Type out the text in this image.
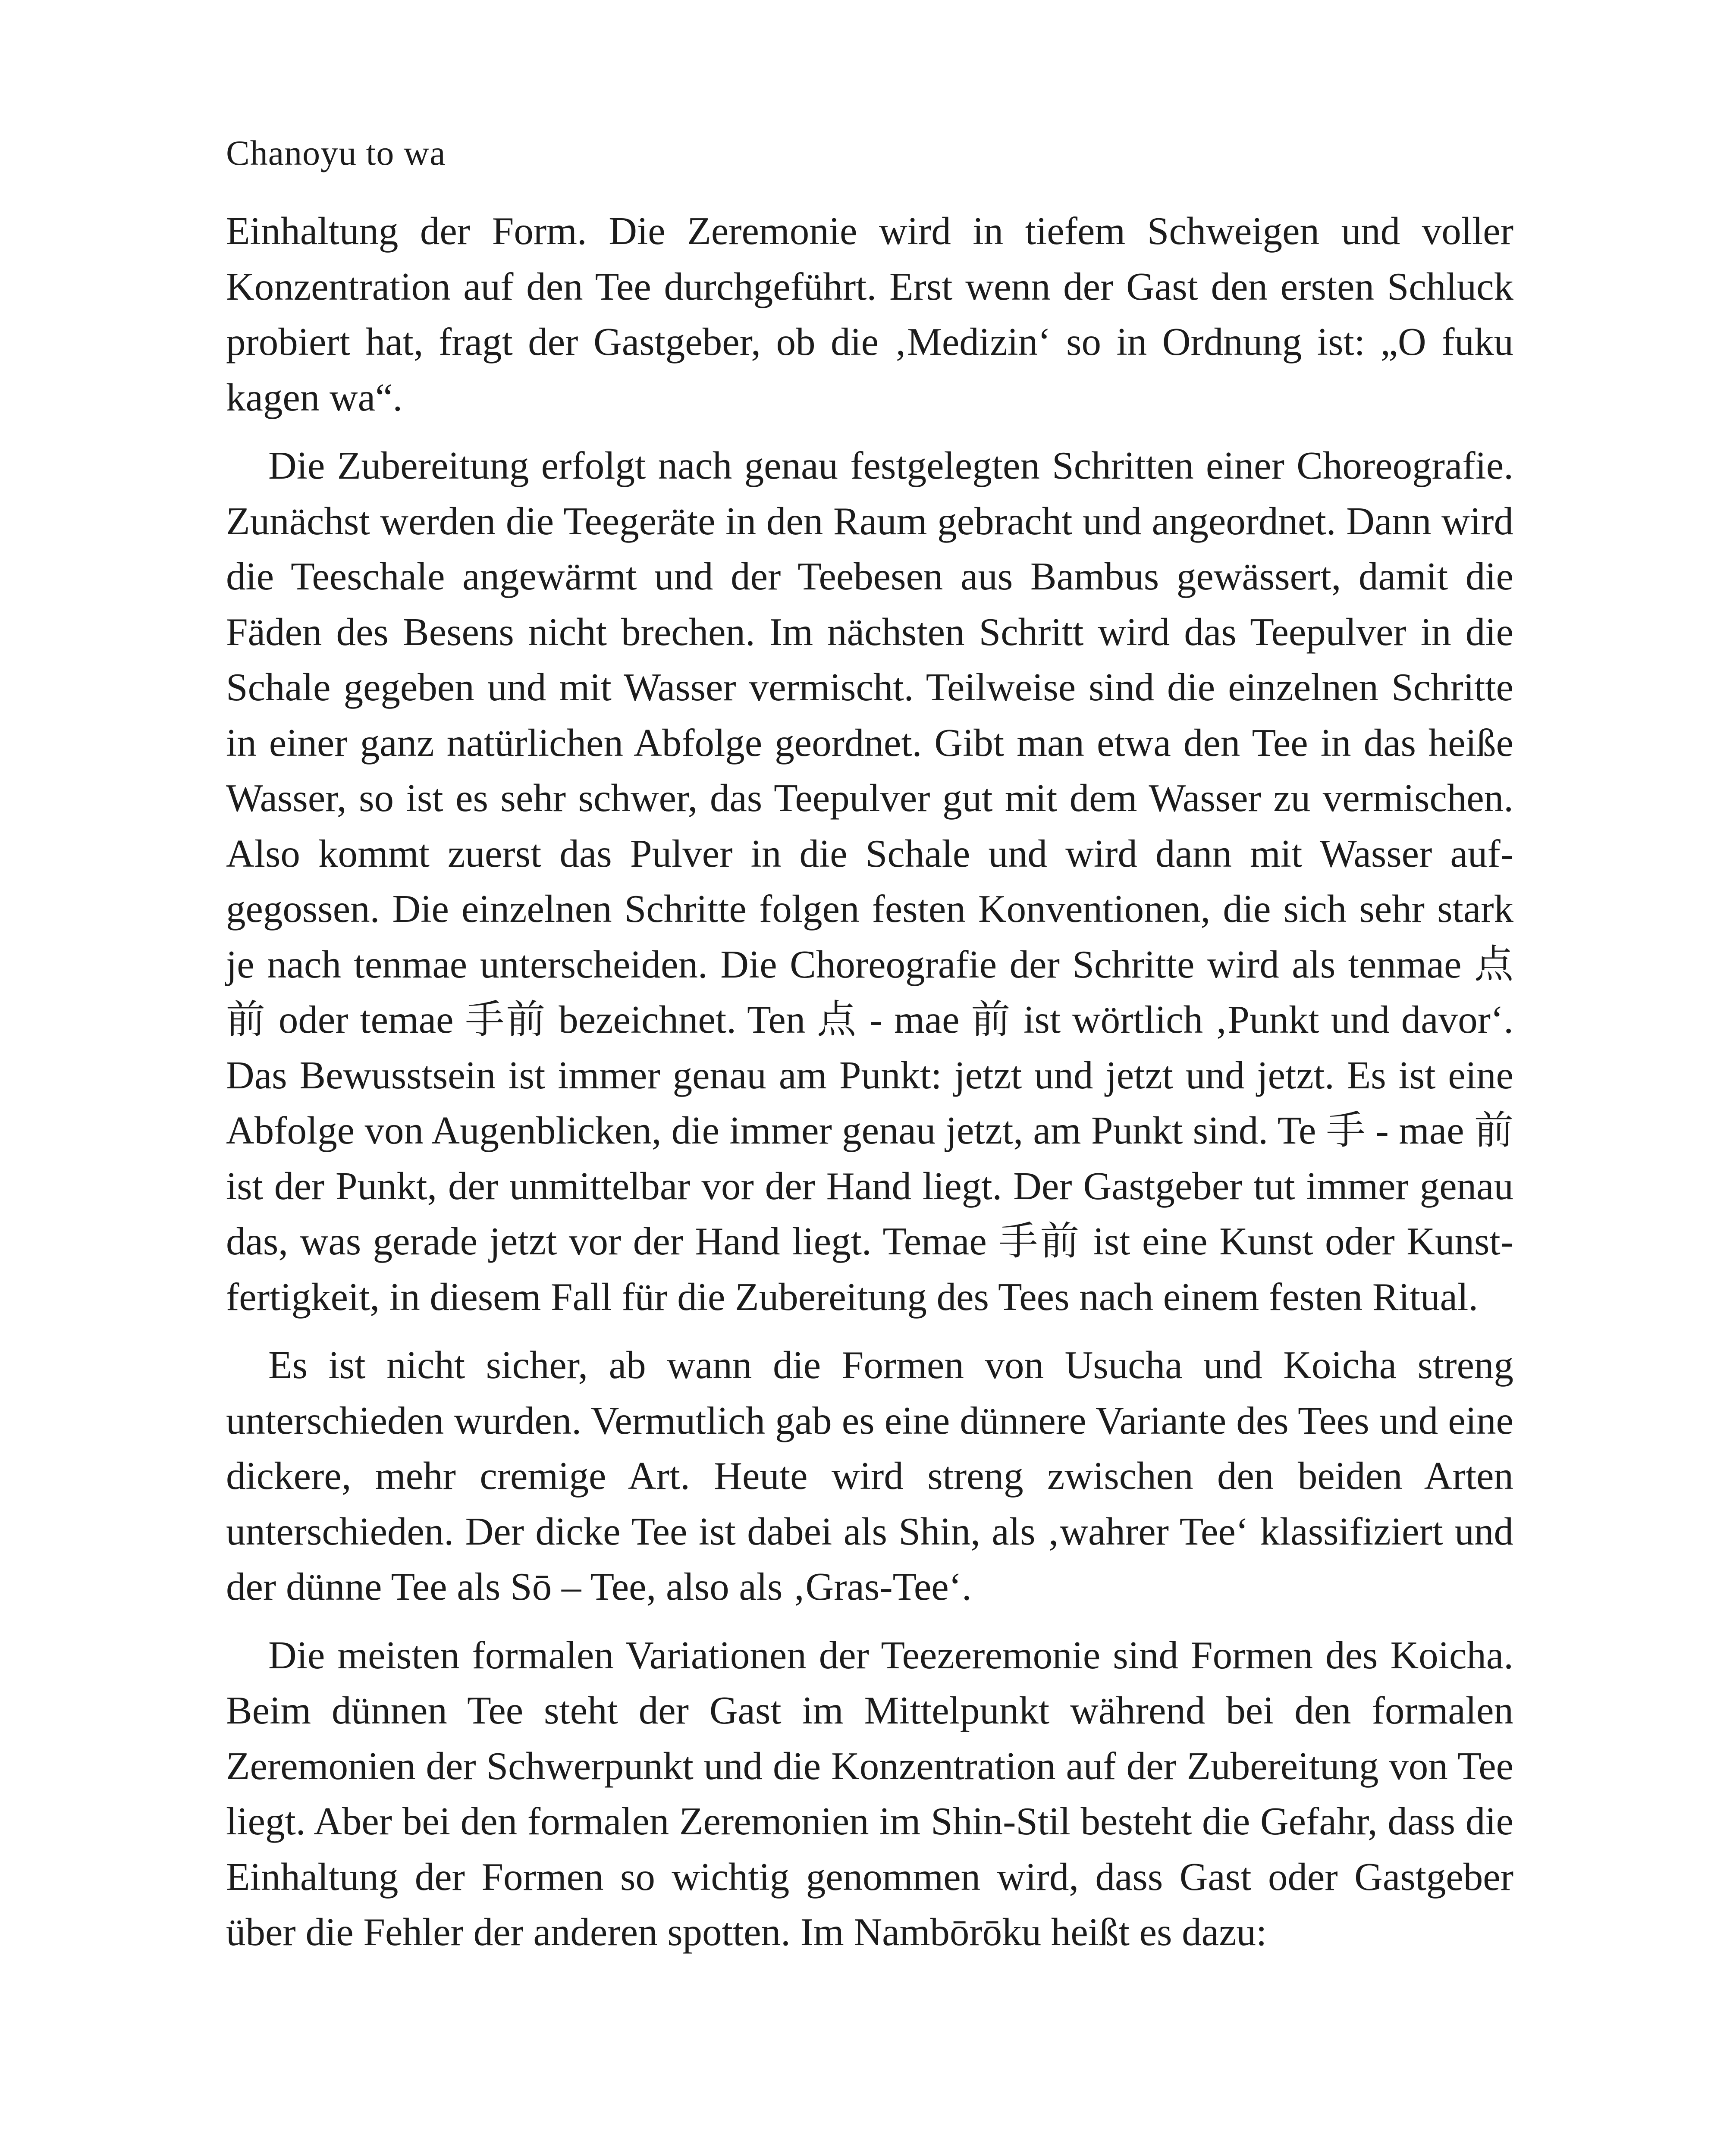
Chanoyu to wa

Einhaltung der Form. Die Zeremonie wird in tiefem Schweigen und voller Konzentration auf den Tee durchgeführt. Erst wenn der Gast den ersten Schluck probiert hat, fragt der Gastgeber, ob die ‚Medizin‘ so in Ordnung ist: „O fuku kagen wa“.

Die Zubereitung erfolgt nach genau festgelegten Schritten einer Choreografie. Zunächst werden die Teegeräte in den Raum gebracht und angeordnet. Dann wird die Teeschale angewärmt und der Teebesen aus Bambus gewässert, damit die Fäden des Besens nicht brechen. Im nächsten Schritt wird das Teepulver in die Schale gegeben und mit Wasser vermischt. Teilweise sind die einzelnen Schritte in einer ganz natürlichen Abfolge geordnet. Gibt man etwa den Tee in das heiße Wasser, so ist es sehr schwer, das Teepulver gut mit dem Wasser zu vermischen. Also kommt zuerst das Pulver in die Schale und wird dann mit Wasser aufgegossen. Die einzelnen Schritte folgen festen Konventionen, die sich sehr stark je nach tenmae unterscheiden. Die Choreografie der Schritte wird als tenmae 点前 oder temae 手前 bezeichnet. Ten 点 - mae 前 ist wörtlich ‚Punkt und davor‘. Das Bewusstsein ist immer genau am Punkt: jetzt und jetzt und jetzt. Es ist eine Abfolge von Augenblicken, die immer genau jetzt, am Punkt sind. Te 手 - mae 前 ist der Punkt, der unmittelbar vor der Hand liegt. Der Gastgeber tut immer genau das, was gerade jetzt vor der Hand liegt. Temae 手前 ist eine Kunst oder Kunstfertigkeit, in diesem Fall für die Zubereitung des Tees nach einem festen Ritual.

Es ist nicht sicher, ab wann die Formen von Usucha und Koicha streng unterschieden wurden. Vermutlich gab es eine dünnere Variante des Tees und eine dickere, mehr cremige Art. Heute wird streng zwischen den beiden Arten unterschieden. Der dicke Tee ist dabei als Shin, als ‚wahrer Tee‘ klassifiziert und der dünne Tee als Sō – Tee, also als ‚Gras-Tee‘.

Die meisten formalen Variationen der Teezeremonie sind Formen des Koicha. Beim dünnen Tee steht der Gast im Mittelpunkt während bei den formalen Zeremonien der Schwerpunkt und die Konzentration auf der Zubereitung von Tee liegt. Aber bei den formalen Zeremonien im Shin-Stil besteht die Gefahr, dass die Einhaltung der Formen so wichtig genommen wird, dass Gast oder Gastgeber über die Fehler der anderen spotten. Im Nambōrōku heißt es dazu:
